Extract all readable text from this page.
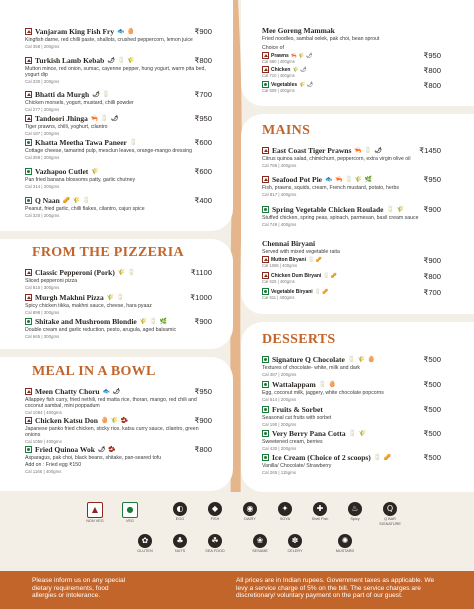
Vanjaram King Fish Fry 🐟 🥚
Kingfish darne, red chilli paste, shallots, crushed peppercorn, lemon juice
Cal 358 | 200gms
₹900
Turkish Lamb Kebab 🌶 🥛 🌾
Mutton mince, red onion, sumac, cayenne pepper, hung yogurt, warm pita bed, yogurt dip
Cal 330 | 200gms
₹800
Bhatti da Murgh 🌶 🥛
Chicken morsels, yogurt, mustard, chilli powder
Cal 277 | 200gms
₹700
Tandoori Jhinga 🦐 🥛 🌶
Tiger prawns, chilli, yoghurt, cilantro
Cal 187 | 200gms
₹950
Khatta Meetha Tawa Paneer 🥛
Cottage cheese, tamarind pulp, mesclun leaves, orange-mango dressing
Cal 359 | 200gms
₹600
Vazhapoo Cutlet 🌾
Pan fried banana blossoms patty, garlic chutney
Cal 314 | 200gms
₹600
Q Naan 🥜 🌾 🥛
Peanut, fried garlic, chilli flakes, cilantro, cajun spice
Cal 320 | 200gms
₹400
FROM THE PIZZERIA
Classic Pepperoni (Pork) 🌾 🥛
Sliced pepperoni pizza
Cal 815 | 300gms
₹1100
Murgh Makhni Pizza 🌾 🥛
Spicy chicken tikka, makhni sauce, cheese, hara pyaaz
Cal 898 | 300gms
₹1000
Shitake and Mushroom Blondie 🌾 🥛 🌿
Double cream and garlic reduction, pesto, arugula, aged balsamic
Cal 665 | 300gms
₹900
MEAL IN A BOWL
Meen Chatty Choru 🐟 🌶
Allappey fish curry, fried nethili, red matta rice, thoran, mango, red chili and coconut sambal, mini poppadum
Cal 1084 | 400gms
₹950
Chicken Katsu Don 🥚 🌾 🫘
Japanese panko fried chicken, sticky rice, katsu curry sauce, cilantro, green onions
Cal 1058 | 400gms
₹900
Fried Quinoa Wok 🌶 🫘
Asparagus, pak choi, black beans, shitake, pan-seared tofu
Add on : Fried egg ₹150
Cal 1166 | 400gms
₹800
Mee Goreng Mammak
Fried noodles, sambal oelek, pak choi, bean sprout
Choice of
Prawns 🦐 🌾 🌶
Cal 680 | 400gms
₹950
Chicken 🌾 🌶
Cal 710 | 400gms
₹800
Vegetables 🌾 🌶
Cal 609 | 400gms
₹800
MAINS
East Coast Tiger Prawns 🦐 🥛 🌶
Citrus quinoa salad, chimichurri, peppercorn, extra virgin olive oil
Cal 786 | 400gms
₹1450
Seafood Pot Pie 🐟 🦐 🥛 🌾 🌿
Fish, prawns, squids, cream, French mustard, potato, herbs
Cal 817 | 400gms
₹950
Spring Vegetable Chicken Roulade 🥛 🌾
Stuffed chicken, spring peas, spinach, parmesan, basil cream sauce
Cal 749 | 400gms
₹900
Chennai Biryani
Served with mixed vegetable raita
Mutton Biryani 🥛 🥜
Cal 1085 | 400gms
₹900
Chicken Dum Biryani 🥛 🥜
Cal 625 | 400gms
₹800
Vegetable Biryani 🥛 🥜
Cal 611 | 400gms
₹700
DESSERTS
Signature Q Chocolate 🥛 🌾 🥚
Textures of chocolate- white, milk and dark
Cal 487 | 200gms
₹500
Wattalappam 🥛 🥚
Egg, coconut milk, jaggery, white chocolate popcorns
Cal 614 | 200gms
₹500
Fruits & Sorbet
Seasonal cut fruits with sorbet
Cal 190 | 200gms
₹500
Very Berry Pana Cotta 🥛 🌾
Sweetened cream, berries
Cal 430 | 200gms
₹500
Ice Cream (Choice of 2 scoops) 🥛 🥜
Vanilla/ Chocolate/ Strawberry
Cal 265 | 115gms
₹500
▲
NON VEG
●
VEG
◐
EGG
◆
FISH
◉
DAIRY
✦
SOYA
✚
Shell Fish
♨
Spicy
Q
Q BAR SIGNATURE
✿
GLUTEN
♣
NUTS
☘
SEA FOOD
❀
SESAME
✽
CELERY
✺
MUSTARD
Please inform us on any special dietary requirements, food allergies or intolerance.
All prices are in Indian rupees. Government taxes as applicable. We levy a service charge of 5% on the bill. The service charges are discretionary/ voluntary payment on the part of our guest.
